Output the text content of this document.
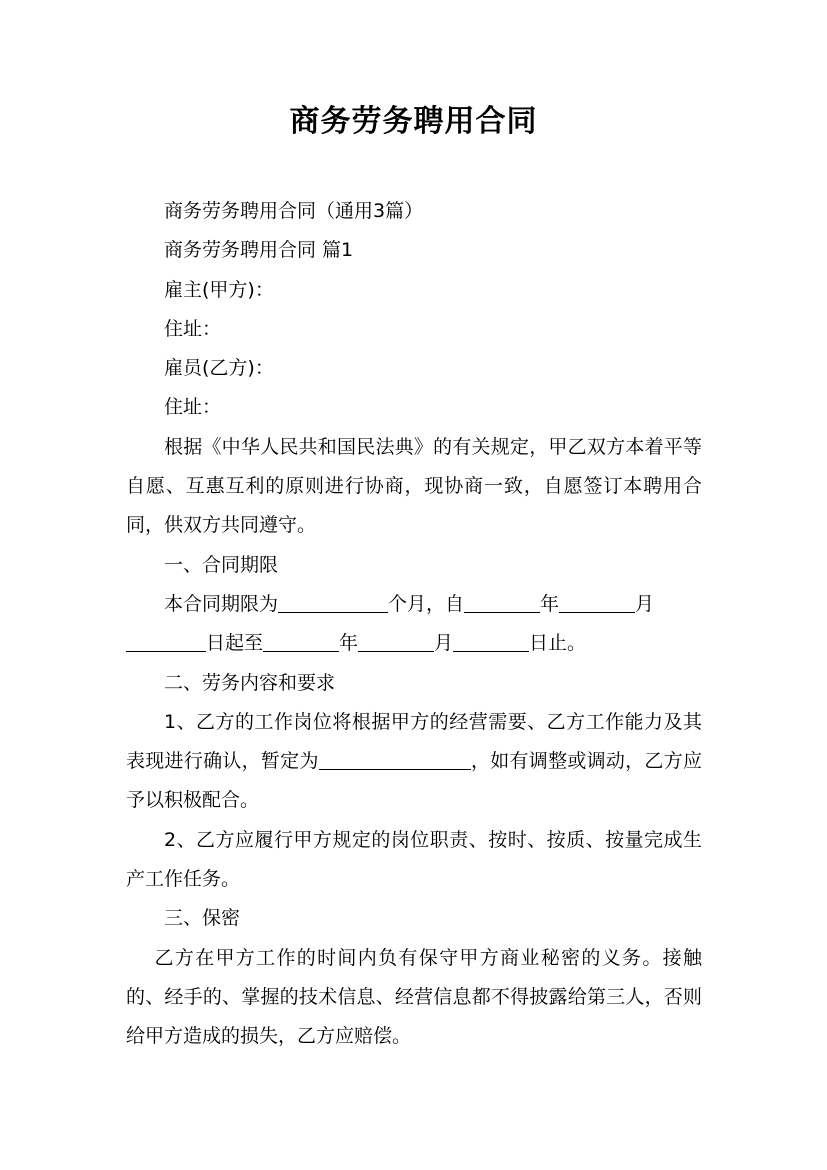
商务劳务聘用合同

商务劳务聘用合同（通用3篇）

商务劳务聘用合同 篇1

雇主(甲方)：

住址：

雇员(乙方)：

住址：

根据《中华人民共和国民法典》的有关规定，甲乙双方本着平等自愿、互惠互利的原则进行协商，现协商一致，自愿签订本聘用合同，供双方共同遵守。

一、合同期限

本合同期限为	个月，自	年	月
日起至	年	月	日止。

二、劳务内容和要求

1、乙方的工作岗位将根据甲方的经营需要、乙方工作能力及其表现进行确认，暂定为	，如有调整或调动，乙方应予以积极配合。

2、乙方应履行甲方规定的岗位职责、按时、按质、按量完成生产工作任务。

三、保密

乙方在甲方工作的时间内负有保守甲方商业秘密的义务。接触的、经手的、掌握的技术信息、经营信息都不得披露给第三人，否则给甲方造成的损失，乙方应赔偿。
